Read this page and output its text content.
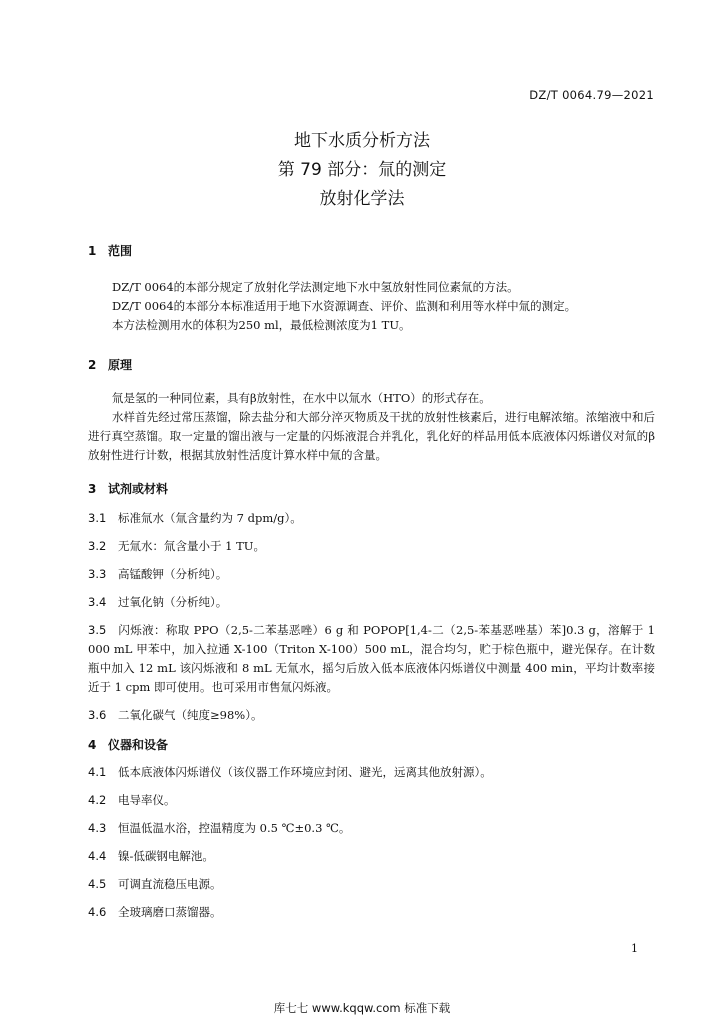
DZ/T 0064.79—2021
地下水质分析方法
第 79 部分：氚的测定
放射化学法
1 范围
DZ/T 0064的本部分规定了放射化学法测定地下水中氢放射性同位素氚的方法。
DZ/T 0064的本部分本标准适用于地下水资源调查、评价、监测和利用等水样中氚的测定。
本方法检测用水的体积为250 ml，最低检测浓度为1 TU。
2 原理
氚是氢的一种同位素，具有β放射性，在水中以氚水（HTO）的形式存在。
水样首先经过常压蒸馏，除去盐分和大部分淬灭物质及干扰的放射性核素后，进行电解浓缩。浓缩液中和后进行真空蒸馏。取一定量的馏出液与一定量的闪烁液混合并乳化，乳化好的样品用低本底液体闪烁谱仪对氚的β放射性进行计数，根据其放射性活度计算水样中氚的含量。
3 试剂或材料
3.1 标准氚水（氚含量约为 7 dpm/g）。
3.2 无氚水：氚含量小于 1 TU。
3.3 高锰酸钾（分析纯）。
3.4 过氧化钠（分析纯）。
3.5 闪烁液：称取 PPO（2,5-二苯基恶唑）6 g 和 POPOP[1,4-二（2,5-苯基恶唑基）苯]0.3 g，溶解于 1 000 mL 甲苯中，加入拉通 X-100（Triton X-100）500 mL，混合均匀，贮于棕色瓶中，避光保存。在计数瓶中加入 12 mL 该闪烁液和 8 mL 无氚水，摇匀后放入低本底液体闪烁谱仪中测量 400 min，平均计数率接近于 1 cpm 即可使用。也可采用市售氚闪烁液。
3.6 二氧化碳气（纯度≥98%）。
4 仪器和设备
4.1 低本底液体闪烁谱仪（该仪器工作环境应封闭、避光，远离其他放射源）。
4.2 电导率仪。
4.3 恒温低温水浴，控温精度为 0.5 ℃±0.3 ℃。
4.4 镍-低碳钢电解池。
4.5 可调直流稳压电源。
4.6 全玻璃磨口蒸馏器。
1
库七七 www.kqqw.com 标准下载
